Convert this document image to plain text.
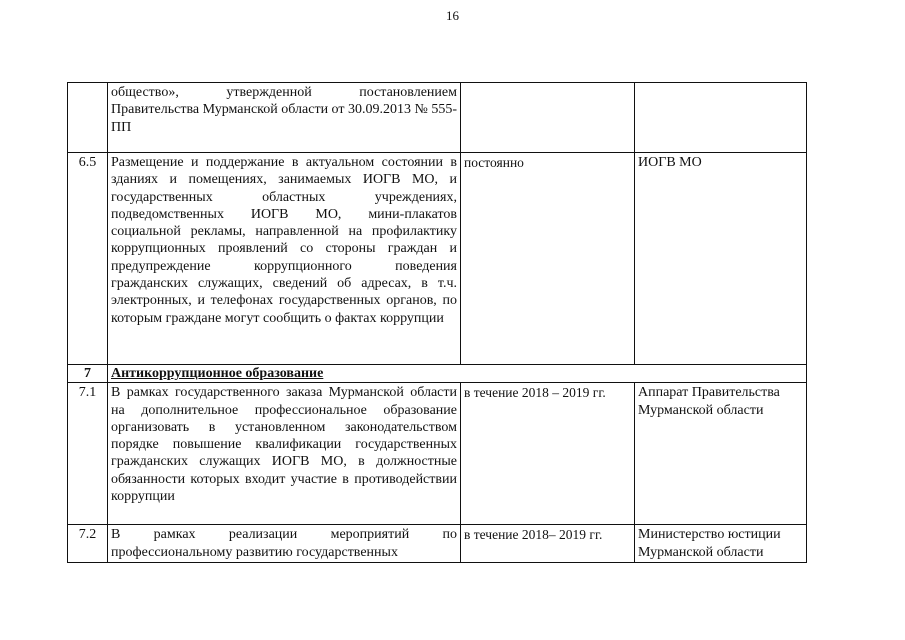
16
	общество», утвержденной постановлением Правительства Мурманской области от 30.09.2013 № 555-ПП		
6.5	Размещение и поддержание в актуальном состоянии в зданиях и помещениях, занимаемых ИОГВ МО, и государственных областных учреждениях, подведомственных ИОГВ МО, мини-плакатов социальной рекламы, направленной на профилактику коррупционных проявлений со стороны граждан и предупреждение коррупционного поведения гражданских служащих, сведений об адресах, в т.ч. электронных, и телефонах государственных органов, по которым граждане могут сообщить о фактах коррупции	постоянно	ИОГВ МО
7	Антикоррупционное образование		
7.1	В рамках государственного заказа Мурманской области на дополнительное профессиональное образование организовать в установленном законодательством порядке повышение квалификации государственных гражданских служащих ИОГВ МО, в должностные обязанности которых входит участие в противодействии коррупции	в течение 2018 – 2019 гг.	Аппарат Правительства Мурманской области
7.2	В рамках реализации мероприятий по профессиональному развитию государственных	в течение 2018– 2019 гг.	Министерство юстиции Мурманской области
